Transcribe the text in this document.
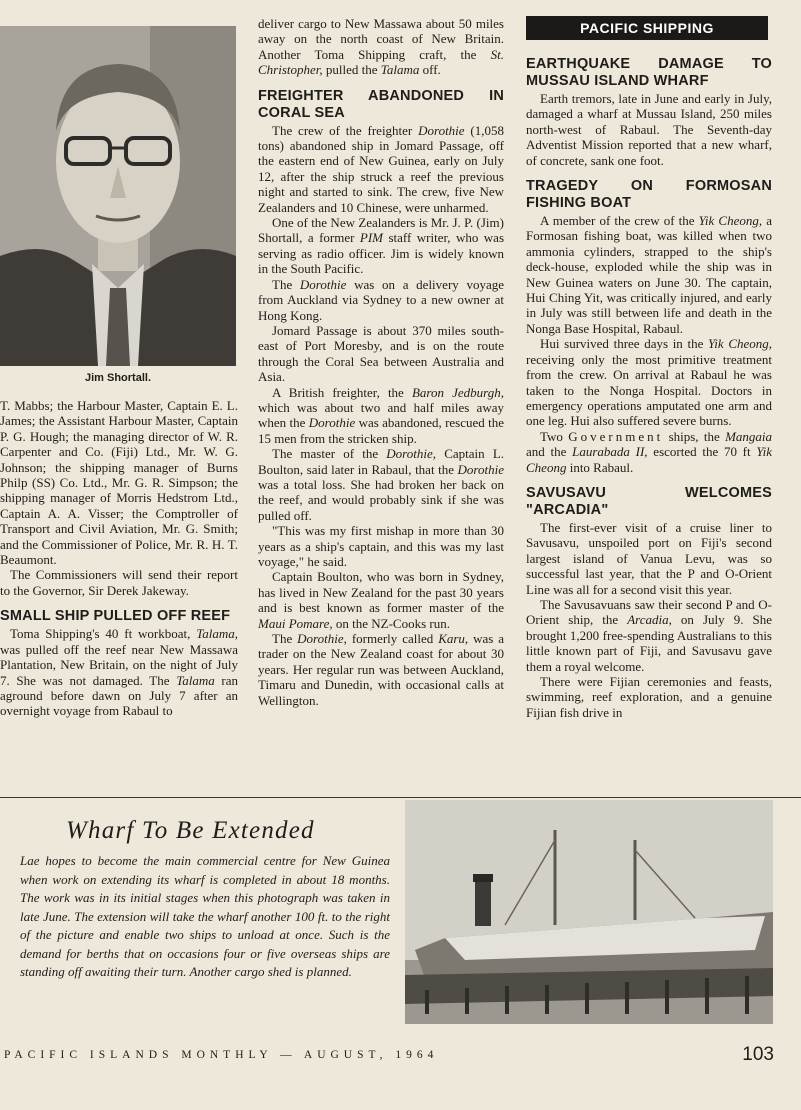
Jim Shortall.

T. Mabbs; the Harbour Master, Captain E. L. James; the Assistant Harbour Master, Captain P. G. Hough; the managing director of W. R. Carpenter and Co. (Fiji) Ltd., Mr. W. G. Johnson; the shipping manager of Burns Philp (SS) Co. Ltd., Mr. G. R. Simpson; the shipping manager of Morris Hedstrom Ltd., Captain A. A. Visser; the Comptroller of Transport and Civil Aviation, Mr. G. Smith; and the Commissioner of Police, Mr. R. H. T. Beaumont.

The Commissioners will send their report to the Governor, Sir Derek Jakeway.

SMALL SHIP PULLED OFF REEF

Toma Shipping's 40 ft workboat, Talama, was pulled off the reef near New Massawa Plantation, New Britain, on the night of July 7. She was not damaged. The Talama ran aground before dawn on July 7 after an overnight voyage from Rabaul to

deliver cargo to New Massawa about 50 miles away on the north coast of New Britain. Another Toma Shipping craft, the St. Christopher, pulled the Talama off.

FREIGHTER ABANDONED IN CORAL SEA

The crew of the freighter Dorothie (1,058 tons) abandoned ship in Jomard Passage, off the eastern end of New Guinea, early on July 12, after the ship struck a reef the previous night and started to sink. The crew, five New Zealanders and 10 Chinese, were unharmed.

One of the New Zealanders is Mr. J. P. (Jim) Shortall, a former PIM staff writer, who was serving as radio officer. Jim is widely known in the South Pacific.

The Dorothie was on a delivery voyage from Auckland via Sydney to a new owner at Hong Kong.

Jomard Passage is about 370 miles south-east of Port Moresby, and is on the route through the Coral Sea between Australia and Asia.

A British freighter, the Baron Jedburgh, which was about two and half miles away when the Dorothie was abandoned, rescued the 15 men from the stricken ship.

The master of the Dorothie, Captain L. Boulton, said later in Rabaul, that the Dorothie was a total loss. She had broken her back on the reef, and would probably sink if she was pulled off.

"This was my first mishap in more than 30 years as a ship's captain, and this was my last voyage," he said.

Captain Boulton, who was born in Sydney, has lived in New Zealand for the past 30 years and is best known as former master of the Maui Pomare, on the NZ-Cooks run.

The Dorothie, formerly called Karu, was a trader on the New Zealand coast for about 30 years. Her regular run was between Auckland, Timaru and Dunedin, with occasional calls at Wellington.

PACIFIC SHIPPING
EARTHQUAKE DAMAGE TO MUSSAU ISLAND WHARF

Earth tremors, late in June and early in July, damaged a wharf at Mussau Island, 250 miles north-west of Rabaul. The Seventh-day Adventist Mission reported that a new wharf, of concrete, sank one foot.

TRAGEDY ON FORMOSAN FISHING BOAT

A member of the crew of the Yik Cheong, a Formosan fishing boat, was killed when two ammonia cylinders, strapped to the ship's deck-house, exploded while the ship was in New Guinea waters on June 30. The captain, Hui Ching Yit, was critically injured, and early in July was still between life and death in the Nonga Base Hospital, Rabaul.

Hui survived three days in the Yik Cheong, receiving only the most primitive treatment from the crew. On arrival at Rabaul he was taken to the Nonga Hospital. Doctors in emergency operations amputated one arm and one leg. Hui also suffered severe burns.

Two Government ships, the Mangaia and the Laurabada II, escorted the 70 ft Yik Cheong into Rabaul.

SAVUSAVU WELCOMES "ARCADIA"

The first-ever visit of a cruise liner to Savusavu, unspoiled port on Fiji's second largest island of Vanua Levu, was so successful last year, that the P and O-Orient Line was all for a second visit this year.

The Savusavuans saw their second P and O-Orient ship, the Arcadia, on July 9. She brought 1,200 free-spending Australians to this little known part of Fiji, and Savusavu gave them a royal welcome.

There were Fijian ceremonies and feasts, swimming, reef exploration, and a genuine Fijian fish drive in

Wharf To Be Extended
Lae hopes to become the main commercial centre for New Guinea when work on extending its wharf is completed in about 18 months. The work was in its initial stages when this photograph was taken in late June. The extension will take the wharf another 100 ft. to the right of the picture and enable two ships to unload at once. Such is the demand for berths that on occasions four or five overseas ships are standing off awaiting their turn. Another cargo shed is planned.
PACIFIC ISLANDS MONTHLY — AUGUST, 1964	103
